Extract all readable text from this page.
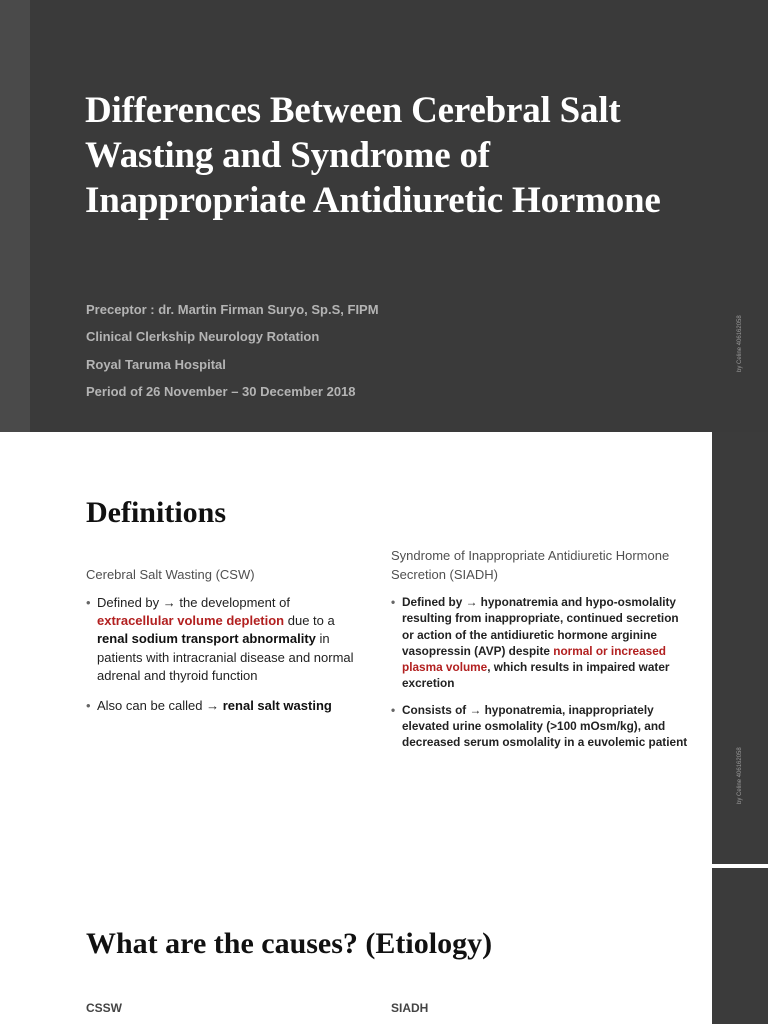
Differences Between Cerebral Salt Wasting and Syndrome of Inappropriate Antidiuretic Hormone
Preceptor : dr. Martin Firman Suryo, Sp.S, FIPM
Clinical Clerkship Neurology Rotation
Royal Taruma Hospital
Period of 26 November – 30 December 2018
by Celine 406162058
by Celine 406162058
Definitions
Cerebral Salt Wasting (CSW)
• Defined by → the development of extracellular volume depletion due to a renal sodium transport abnormality in patients with intracranial disease and normal adrenal and thyroid function
• Also can be called → renal salt wasting
Syndrome of Inappropriate Antidiuretic Hormone Secretion (SIADH)
• Defined by → hyponatremia and hypo-osmolality resulting from inappropriate, continued secretion or action of the antidiuretic hormone arginine vasopressin (AVP) despite normal or increased plasma volume, which results in impaired water excretion
• Consists of → hyponatremia, inappropriately elevated urine osmolality (>100 mOsm/kg), and decreased serum osmolality in a euvolemic patient
What are the causes? (Etiology)
CSSW	SIADH
